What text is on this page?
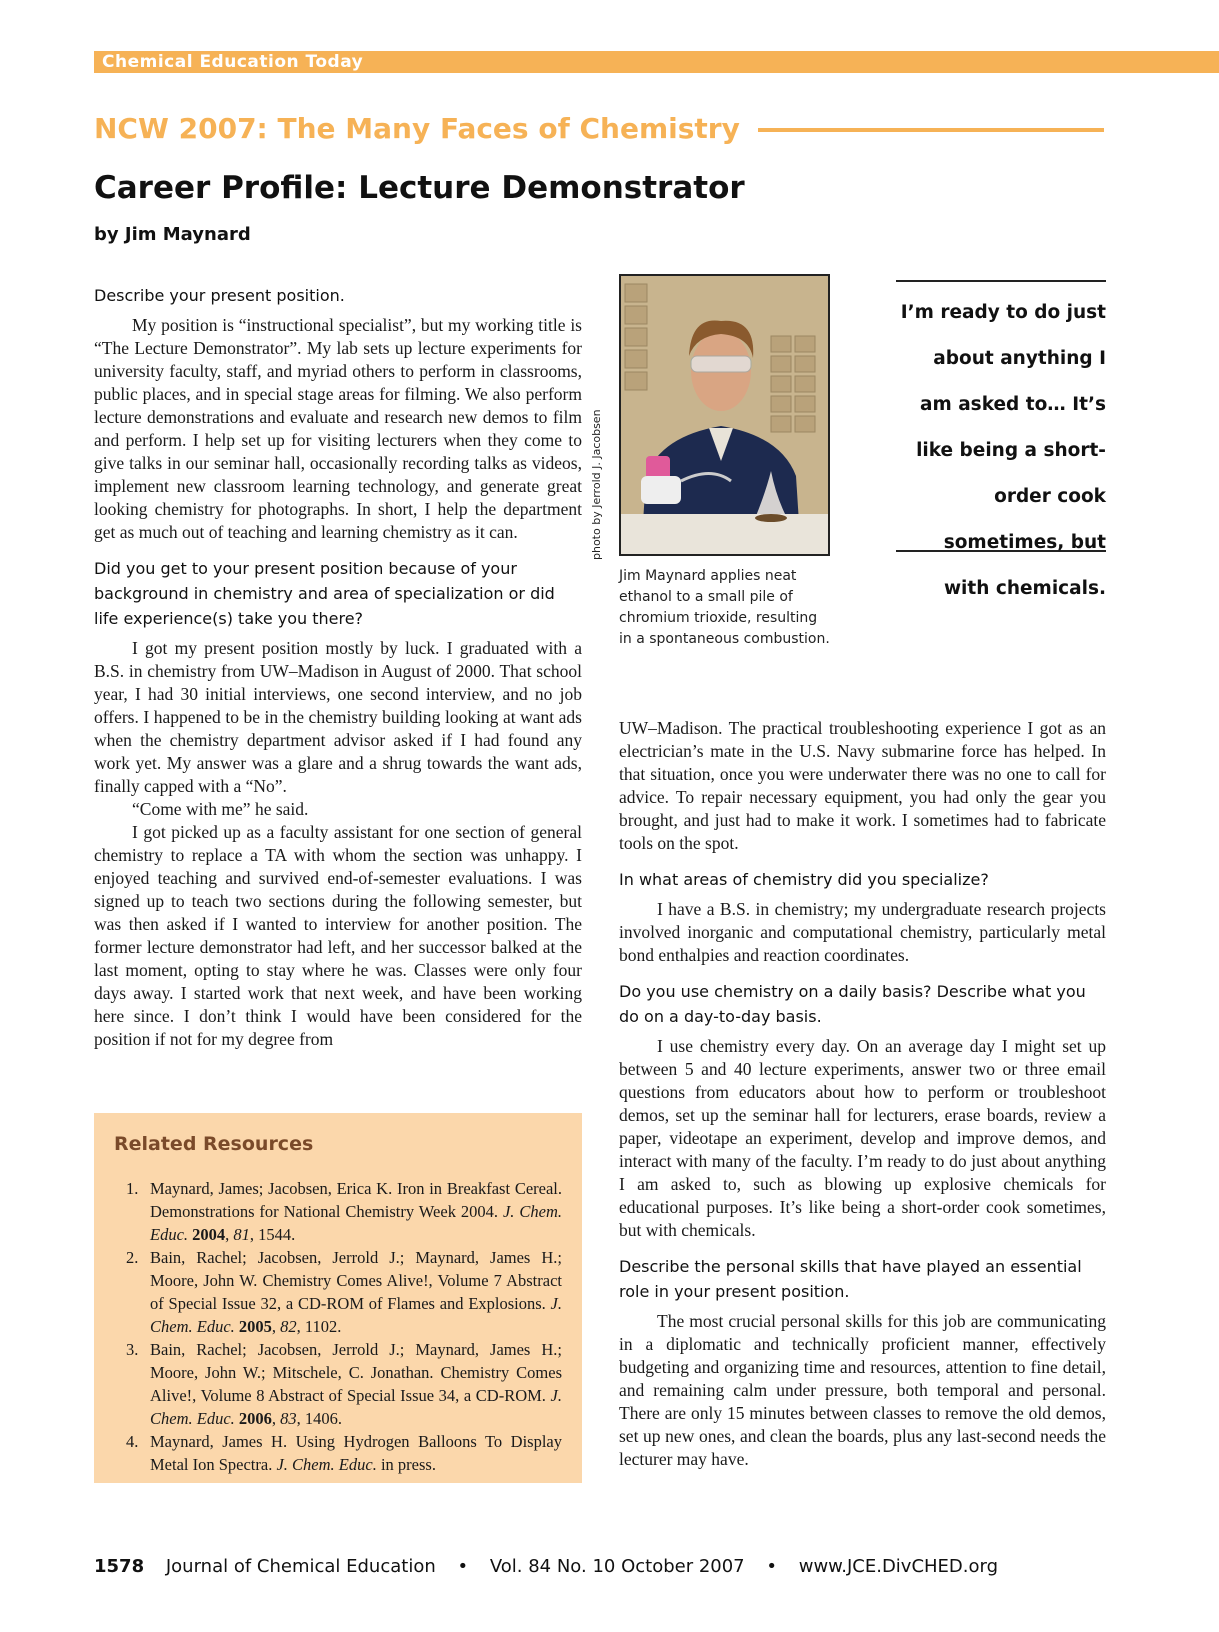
Chemical Education Today
NCW 2007: The Many Faces of Chemistry
Career Profile: Lecture Demonstrator
by Jim Maynard

Describe your present position.

My position is “instructional specialist”, but my working title is “The Lecture Demonstrator”. My lab sets up lecture experiments for university faculty, staff, and myriad others to perform in classrooms, public places, and in special stage areas for filming. We also perform lecture demonstrations and evaluate and research new demos to film and perform. I help set up for visiting lecturers when they come to give talks in our seminar hall, occasionally recording talks as videos, implement new classroom learning technology, and generate great looking chemistry for photographs. In short, I help the department get as much out of teaching and learning chemistry as it can.

Did you get to your present position because of your background in chemistry and area of specialization or did life experience(s) take you there?

I got my present position mostly by luck. I graduated with a B.S. in chemistry from UW–Madison in August of 2000. That school year, I had 30 initial interviews, one second interview, and no job offers. I happened to be in the chemistry building looking at want ads when the chemistry department advisor asked if I had found any work yet. My answer was a glare and a shrug towards the want ads, finally capped with a “No”.

“Come with me” he said.

I got picked up as a faculty assistant for one section of general chemistry to replace a TA with whom the section was unhappy. I enjoyed teaching and survived end-of-semester evaluations. I was signed up to teach two sections during the following semester, but was then asked if I wanted to interview for another position. The former lecture demonstrator had left, and her successor balked at the last moment, opting to stay where he was. Classes were only four days away. I started work that next week, and have been working here since. I don’t think I would have been considered for the position if not for my degree from

photo by Jerrold J. Jacobsen
Jim Maynard applies neat ethanol to a small pile of chromium trioxide, resulting in a spontaneous combustion.
I’m ready to do just about anything I am asked to… It’s like being a short-order cook sometimes, but with chemicals.

UW–Madison. The practical troubleshooting experience I got as an electrician’s mate in the U.S. Navy submarine force has helped. In that situation, once you were underwater there was no one to call for advice. To repair necessary equipment, you had only the gear you brought, and just had to make it work. I sometimes had to fabricate tools on the spot.

In what areas of chemistry did you specialize?

I have a B.S. in chemistry; my undergraduate research projects involved inorganic and computational chemistry, particularly metal bond enthalpies and reaction coordinates.

Do you use chemistry on a daily basis? Describe what you do on a day-to-day basis.

I use chemistry every day. On an average day I might set up between 5 and 40 lecture experiments, answer two or three email questions from educators about how to perform or troubleshoot demos, set up the seminar hall for lecturers, erase boards, review a paper, videotape an experiment, develop and improve demos, and interact with many of the faculty. I’m ready to do just about anything I am asked to, such as blowing up explosive chemicals for educational purposes. It’s like being a short-order cook sometimes, but with chemicals.

Describe the personal skills that have played an essential role in your present position.

The most crucial personal skills for this job are communicating in a diplomatic and technically proficient manner, effectively budgeting and organizing time and resources, attention to fine detail, and remaining calm under pressure, both temporal and personal. There are only 15 minutes between classes to remove the old demos, set up new ones, and clean the boards, plus any last-second needs the lecturer may have.

Related Resources
1. Maynard, James; Jacobsen, Erica K. Iron in Breakfast Cereal. Demonstrations for National Chemistry Week 2004. J. Chem. Educ. 2004, 81, 1544.
2. Bain, Rachel; Jacobsen, Jerrold J.; Maynard, James H.; Moore, John W. Chemistry Comes Alive!, Volume 7 Abstract of Special Issue 32, a CD-ROM of Flames and Explosions. J. Chem. Educ. 2005, 82, 1102.
3. Bain, Rachel; Jacobsen, Jerrold J.; Maynard, James H.; Moore, John W.; Mitschele, C. Jonathan. Chemistry Comes Alive!, Volume 8 Abstract of Special Issue 34, a CD-ROM. J. Chem. Educ. 2006, 83, 1406.
4. Maynard, James H. Using Hydrogen Balloons To Display Metal Ion Spectra. J. Chem. Educ. in press.
1578 Journal of Chemical Education • Vol. 84 No. 10 October 2007 • www.JCE.DivCHED.org
